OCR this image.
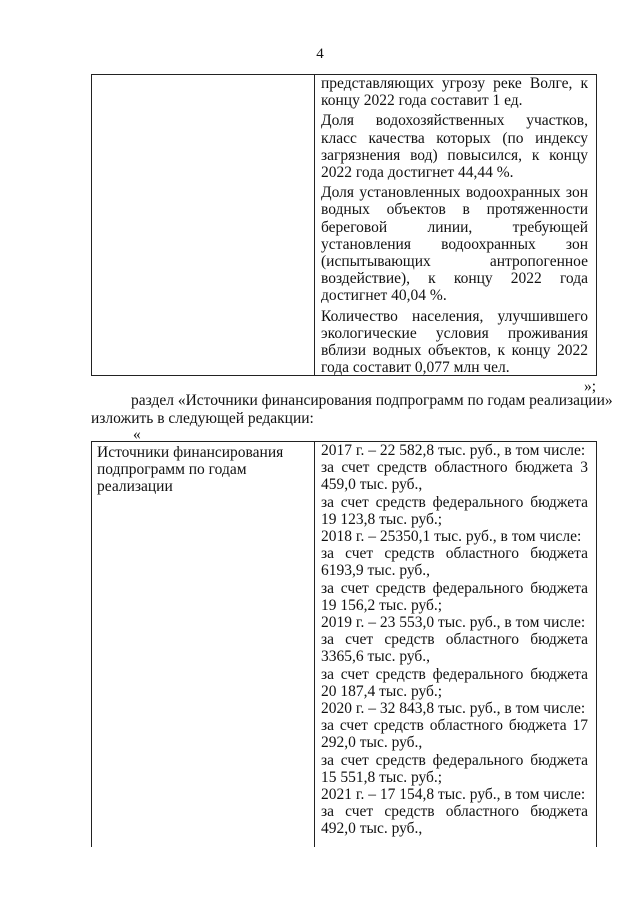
4

представляющих угрозу реке Волге, к концу 2022 года составит 1 ед.

Доля водохозяйственных участков, класс качества которых (по индексу загрязнения вод) повысился, к концу 2022 года достигнет 44,44 %.

Доля установленных водоохранных зон водных объектов в протяженности береговой линии, требующей установления водоохранных зон (испытывающих антропогенное воздействие), к концу 2022 года достигнет 40,04 %.

Количество населения, улучшившего экологические условия проживания вблизи водных объектов, к концу 2022 года составит 0,077 млн чел.

»;
раздел «Источники финансирования подпрограмм по годам реализации»
изложить в следующей редакции:
«

Источники финансирования подпрограмм по годам реализации

2017 г. – 22 582,8 тыс. руб., в том числе:

за счет средств областного бюджета 3 459,0 тыс. руб.,

за счет средств федерального бюджета 19 123,8 тыс. руб.;

2018 г. – 25350,1 тыс. руб., в том числе:

за счет средств областного бюджета 6193,9 тыс. руб.,

за счет средств федерального бюджета 19 156,2 тыс. руб.;

2019 г. – 23 553,0 тыс. руб., в том числе:

за счет средств областного бюджета 3365,6 тыс. руб.,

за счет средств федерального бюджета 20 187,4 тыс. руб.;

2020 г. – 32 843,8 тыс. руб., в том числе:

за счет средств областного бюджета 17 292,0 тыс. руб.,

за счет средств федерального бюджета 15 551,8 тыс. руб.;

2021 г. – 17 154,8 тыс. руб., в том числе:

за счет средств областного бюджета 492,0 тыс. руб.,
